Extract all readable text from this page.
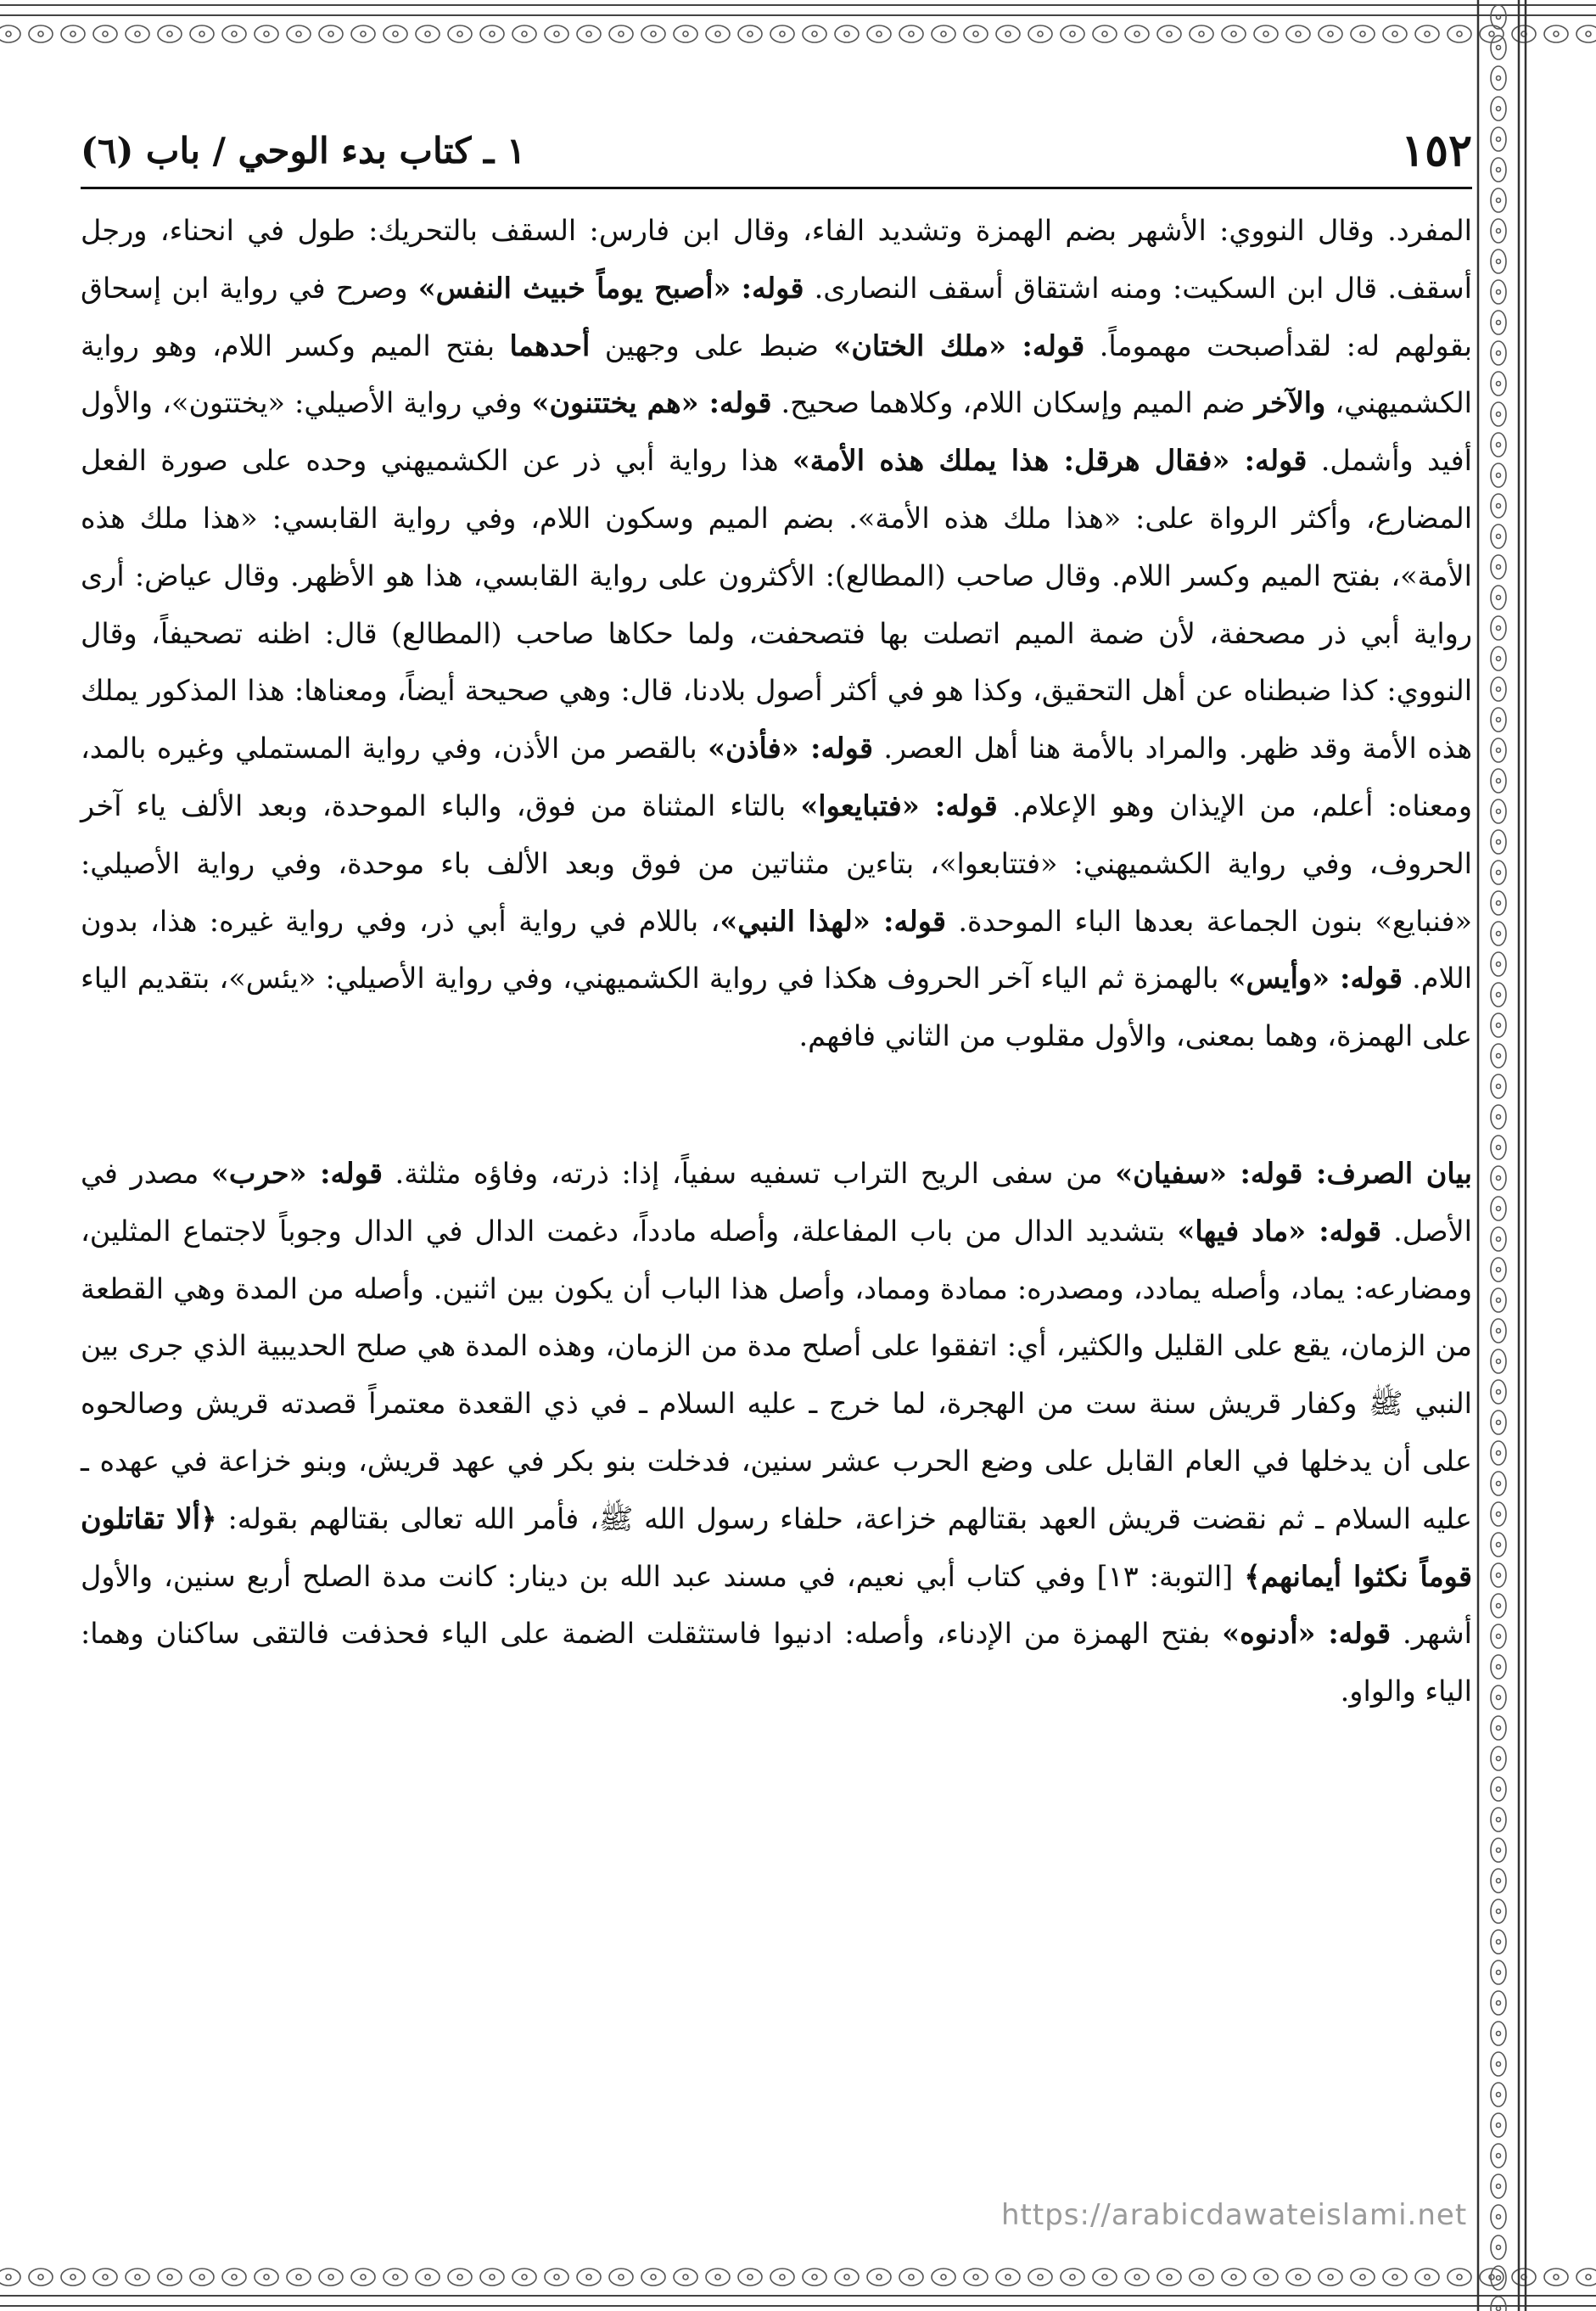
١٥٢
١ ـ كتاب بدء الوحي / باب (٦)

المفرد. وقال النووي: الأشهر بضم الهمزة وتشديد الفاء، وقال ابن فارس: السقف بالتحريك: طول في انحناء، ورجل أسقف. قال ابن السكيت: ومنه اشتقاق أسقف النصارى. قوله: «أصبح يوماً خبيث النفس» وصرح في رواية ابن إسحاق بقولهم له: لقدأصبحت مهموماً. قوله: «ملك الختان» ضبط على وجهين أحدهما بفتح الميم وكسر اللام، وهو رواية الكشميهني، والآخر ضم الميم وإسكان اللام، وكلاهما صحيح. قوله: «هم يختتنون» وفي رواية الأصيلي: «يختتون»، والأول أفيد وأشمل. قوله: «فقال هرقل: هذا يملك هذه الأمة» هذا رواية أبي ذر عن الكشميهني وحده على صورة الفعل المضارع، وأكثر الرواة على: «هذا ملك هذه الأمة». بضم الميم وسكون اللام، وفي رواية القابسي: «هذا ملك هذه الأمة»، بفتح الميم وكسر اللام. وقال صاحب (المطالع): الأكثرون على رواية القابسي، هذا هو الأظهر. وقال عياض: أرى رواية أبي ذر مصحفة، لأن ضمة الميم اتصلت بها فتصحفت، ولما حكاها صاحب (المطالع) قال: اظنه تصحيفاً، وقال النووي: كذا ضبطناه عن أهل التحقيق، وكذا هو في أكثر أصول بلادنا، قال: وهي صحيحة أيضاً، ومعناها: هذا المذكور يملك هذه الأمة وقد ظهر. والمراد بالأمة هنا أهل العصر. قوله: «فأذن» بالقصر من الأذن، وفي رواية المستملي وغيره بالمد، ومعناه: أعلم، من الإيذان وهو الإعلام. قوله: «فتبايعوا» بالتاء المثناة من فوق، والباء الموحدة، وبعد الألف ياء آخر الحروف، وفي رواية الكشميهني: «فتتابعوا»، بتاءين مثناتين من فوق وبعد الألف باء موحدة، وفي رواية الأصيلي: «فنبايع» بنون الجماعة بعدها الباء الموحدة. قوله: «لهذا النبي»، باللام في رواية أبي ذر، وفي رواية غيره: هذا، بدون اللام. قوله: «وأيس» بالهمزة ثم الياء آخر الحروف هكذا في رواية الكشميهني، وفي رواية الأصيلي: «يئس»، بتقديم الياء على الهمزة، وهما بمعنى، والأول مقلوب من الثاني فافهم.

بيان الصرف: قوله: «سفيان» من سفى الريح التراب تسفيه سفياً، إذا: ذرته، وفاؤه مثلثة. قوله: «حرب» مصدر في الأصل. قوله: «ماد فيها» بتشديد الدال من باب المفاعلة، وأصله مادداً، دغمت الدال في الدال وجوباً لاجتماع المثلين، ومضارعه: يماد، وأصله يمادد، ومصدره: ممادة ومماد، وأصل هذا الباب أن يكون بين اثنين. وأصله من المدة وهي القطعة من الزمان، يقع على القليل والكثير، أي: اتفقوا على أصلح مدة من الزمان، وهذه المدة هي صلح الحديبية الذي جرى بين النبي ﷺ وكفار قريش سنة ست من الهجرة، لما خرج ـ عليه السلام ـ في ذي القعدة معتمراً قصدته قريش وصالحوه على أن يدخلها في العام القابل على وضع الحرب عشر سنين، فدخلت بنو بكر في عهد قريش، وبنو خزاعة في عهده ـ عليه السلام ـ ثم نقضت قريش العهد بقتالهم خزاعة، حلفاء رسول الله ﷺ، فأمر الله تعالى بقتالهم بقوله: ﴿ألا تقاتلون قوماً نكثوا أيمانهم﴾ [التوبة: ١٣] وفي كتاب أبي نعيم، في مسند عبد الله بن دينار: كانت مدة الصلح أربع سنين، والأول أشهر. قوله: «أدنوه» بفتح الهمزة من الإدناء، وأصله: ادنيوا فاستثقلت الضمة على الياء فحذفت فالتقى ساكنان وهما: الياء والواو.

https://arabicdawateislami.net
